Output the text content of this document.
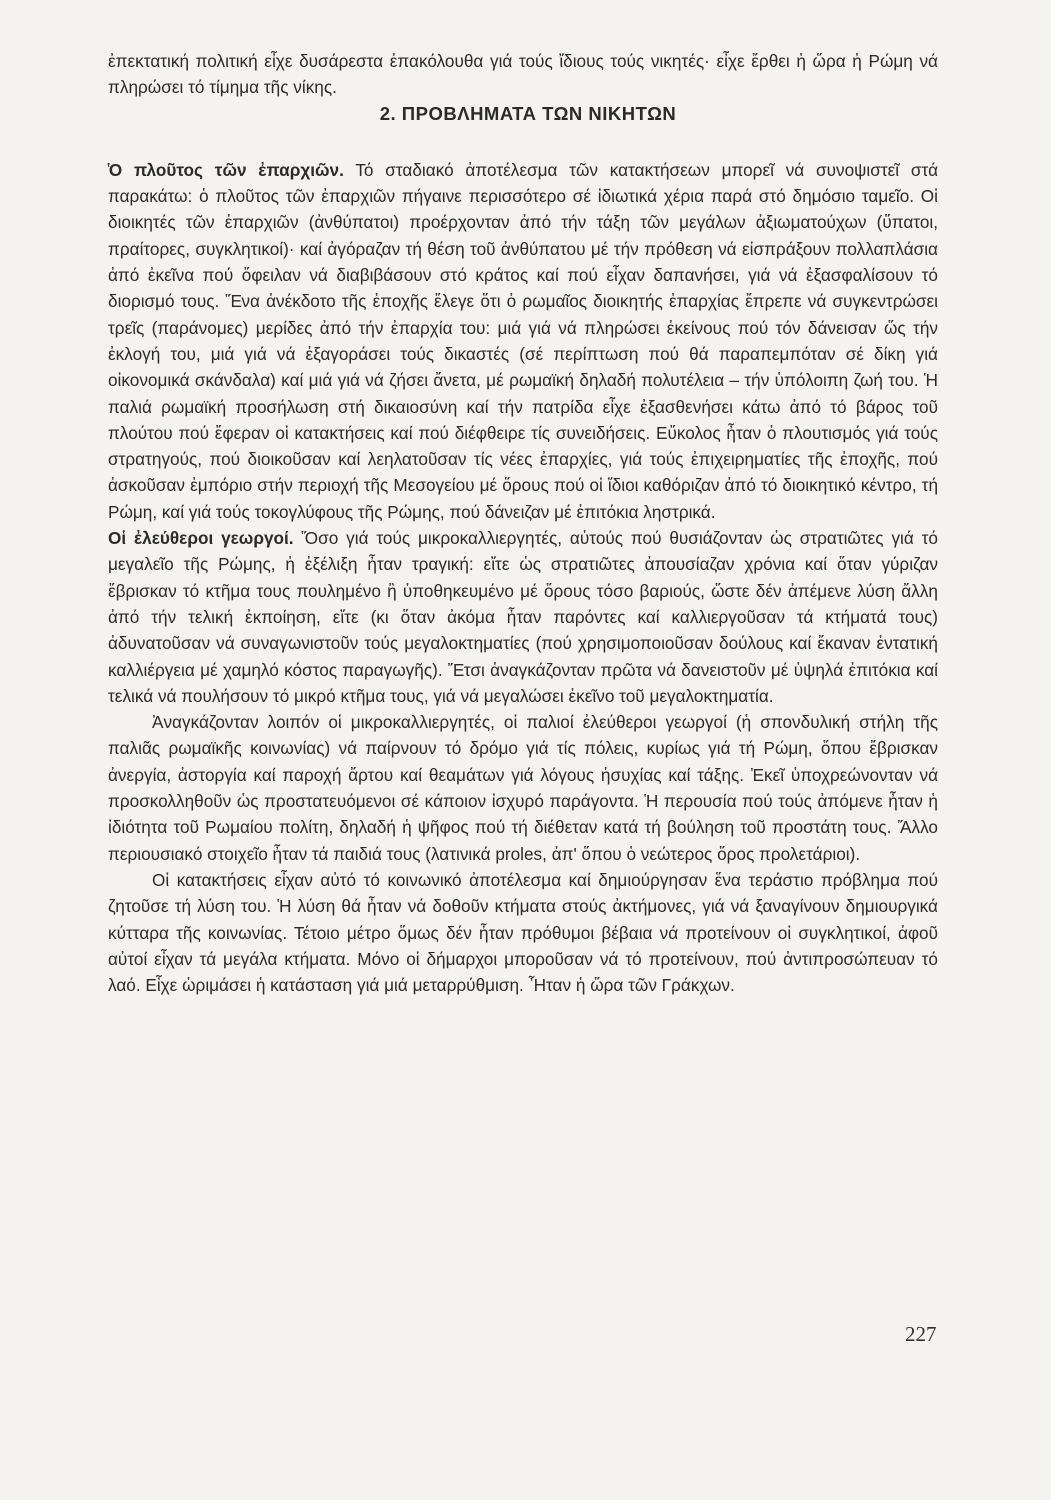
ἐπεκτατική πολιτική εἶχε δυσάρεστα ἐπακόλουθα γιά τούς ἴδιους τούς νικητές· εἶχε ἔρθει ἡ ὥρα ἡ Ρώμη νά πληρώσει τό τίμημα τῆς νίκης.

2. ΠΡΟΒΛΗΜΑΤΑ ΤΩΝ ΝΙΚΗΤΩΝ

Ὁ πλοῦτος τῶν ἐπαρχιῶν. Τό σταδιακό ἀποτέλεσμα τῶν κατακτήσεων μπορεῖ νά συνοψιστεῖ στά παρακάτω: ὁ πλοῦτος τῶν ἐπαρχιῶν πήγαινε περισσότερο σέ ἰδιωτικά χέρια παρά στό δημόσιο ταμεῖο. Οἱ διοικητές τῶν ἐπαρχιῶν (ἀνθύπατοι) προέρχονταν ἀπό τήν τάξη τῶν μεγάλων ἀξιωματούχων (ὕπατοι, πραίτορες, συγκλητικοί)· καί ἀγόραζαν τή θέση τοῦ ἀνθύπατου μέ τήν πρόθεση νά εἰσπράξουν πολλαπλάσια ἀπό ἐκεῖνα πού ὄφειλαν νά διαβιβάσουν στό κράτος καί πού εἶχαν δαπανήσει, γιά νά ἐξασφαλίσουν τό διορισμό τους. Ἕνα ἀνέκδοτο τῆς ἐποχῆς ἔλεγε ὅτι ὁ ρωμαῖος διοικητής ἐπαρχίας ἔπρεπε νά συγκεντρώσει τρεῖς (παράνομες) μερίδες ἀπό τήν ἐπαρχία του: μιά γιά νά πληρώσει ἐκείνους πού τόν δάνεισαν ὥς τήν ἐκλογή του, μιά γιά νά ἐξαγοράσει τούς δικαστές (σέ περίπτωση πού θά παραπεμπόταν σέ δίκη γιά οἰκονομικά σκάνδαλα) καί μιά γιά νά ζήσει ἄνετα, μέ ρωμαϊκή δηλαδή πολυτέλεια – τήν ὑπόλοιπη ζωή του. Ἡ παλιά ρωμαϊκή προσήλωση στή δικαιοσύνη καί τήν πατρίδα εἶχε ἐξασθενήσει κάτω ἀπό τό βάρος τοῦ πλούτου πού ἔφεραν οἱ κατακτήσεις καί πού διέφθειρε τίς συνειδήσεις. Εὔκολος ἦταν ὁ πλουτισμός γιά τούς στρατηγούς, πού διοικοῦσαν καί λεηλατοῦσαν τίς νέες ἐπαρχίες, γιά τούς ἐπιχειρηματίες τῆς ἐποχῆς, πού ἀσκοῦσαν ἐμπόριο στήν περιοχή τῆς Μεσογείου μέ ὅρους πού οἱ ἴδιοι καθόριζαν ἀπό τό διοικητικό κέντρο, τή Ρώμη, καί γιά τούς τοκογλύφους τῆς Ρώμης, πού δάνειζαν μέ ἐπιτόκια ληστρικά.

Οἱ ἐλεύθεροι γεωργοί. Ὅσο γιά τούς μικροκαλλιεργητές, αὐτούς πού θυσιάζονταν ὡς στρατιῶτες γιά τό μεγαλεῖο τῆς Ρώμης, ἡ ἐξέλιξη ἦταν τραγική: εἴτε ὡς στρατιῶτες ἀπουσίαζαν χρόνια καί ὅταν γύριζαν ἔβρισκαν τό κτῆμα τους πουλημένο ἢ ὑποθηκευμένο μέ ὅρους τόσο βαριούς, ὥστε δέν ἀπέμενε λύση ἄλλη ἀπό τήν τελική ἐκποίηση, εἴτε (κι ὅταν ἀκόμα ἦταν παρόντες καί καλλιεργοῦσαν τά κτήματά τους) ἀδυνατοῦσαν νά συναγωνιστοῦν τούς μεγαλοκτηματίες (πού χρησιμοποιοῦσαν δούλους καί ἔκαναν ἐντατική καλλιέργεια μέ χαμηλό κόστος παραγωγῆς). Ἔτσι ἀναγκάζονταν πρῶτα νά δανειστοῦν μέ ὑψηλά ἐπιτόκια καί τελικά νά πουλήσουν τό μικρό κτῆμα τους, γιά νά μεγαλώσει ἐκεῖνο τοῦ μεγαλοκτηματία.

Ἀναγκάζονταν λοιπόν οἱ μικροκαλλιεργητές, οἱ παλιοί ἐλεύθεροι γεωργοί (ἡ σπονδυλική στήλη τῆς παλιᾶς ρωμαϊκῆς κοινωνίας) νά παίρνουν τό δρόμο γιά τίς πόλεις, κυρίως γιά τή Ρώμη, ὅπου ἔβρισκαν ἀνεργία, ἀστοργία καί παροχή ἄρτου καί θεαμάτων γιά λόγους ἡσυχίας καί τάξης. Ἐκεῖ ὑποχρεώνονταν νά προσκολληθοῦν ὡς προστατευόμενοι σέ κάποιον ἰσχυρό παράγοντα. Ἡ περουσία πού τούς ἀπόμενε ἦταν ἡ ἰδιότητα τοῦ Ρωμαίου πολίτη, δηλαδή ἡ ψῆφος πού τή διέθεταν κατά τή βούληση τοῦ προστάτη τους. Ἄλλο περιουσιακό στοιχεῖο ἦταν τά παιδιά τους (λατινικά proles, ἀπ' ὅπου ὁ νεώτερος ὅρος προλετάριοι).

Οἱ κατακτήσεις εἶχαν αὐτό τό κοινωνικό ἀποτέλεσμα καί δημιούργησαν ἕνα τεράστιο πρόβλημα πού ζητοῦσε τή λύση του. Ἡ λύση θά ἦταν νά δοθοῦν κτήματα στούς ἀκτήμονες, γιά νά ξαναγίνουν δημιουργικά κύτταρα τῆς κοινωνίας. Τέτοιο μέτρο ὅμως δέν ἦταν πρόθυμοι βέβαια νά προτείνουν οἱ συγκλητικοί, ἀφοῦ αὐτοί εἶχαν τά μεγάλα κτήματα. Μόνο οἱ δήμαρχοι μποροῦσαν νά τό προτείνουν, πού ἀντιπροσώπευαν τό λαό. Εἶχε ὡριμάσει ἡ κατάσταση γιά μιά μεταρρύθμιση. Ἦταν ἡ ὥρα τῶν Γράκχων.

227
